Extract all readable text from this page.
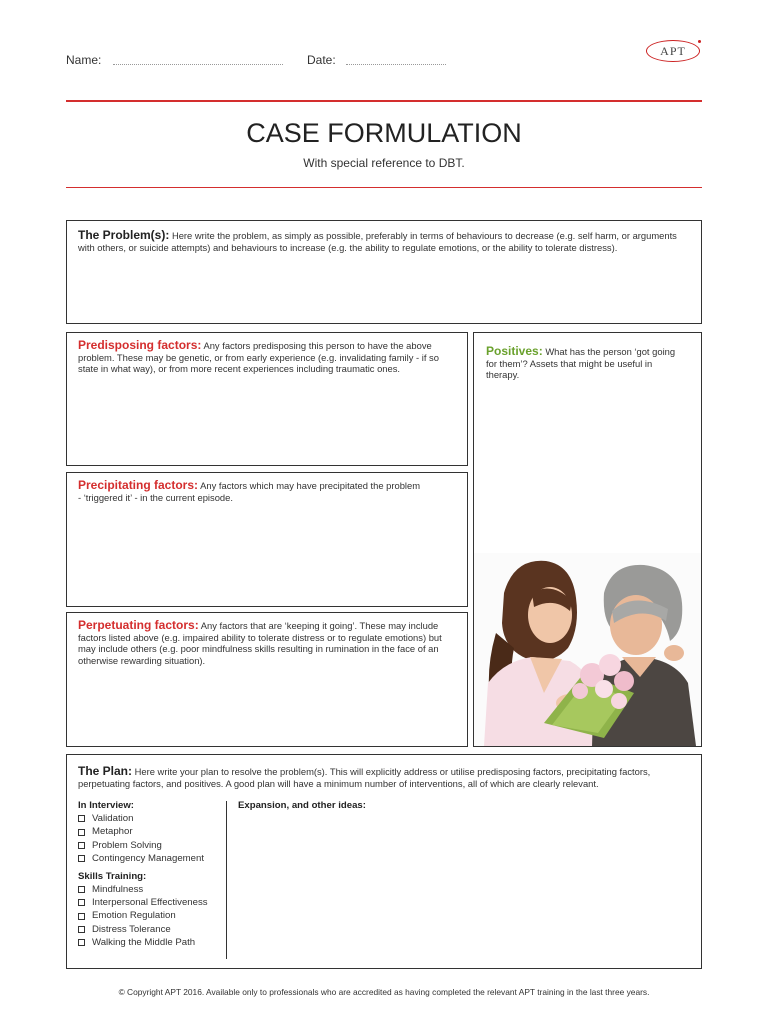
Name:	Date:
APT
CASE FORMULATION
With special reference to DBT.
The Problem(s): Here write the problem, as simply as possible, preferably in terms of behaviours to decrease (e.g. self harm, or arguments with others, or suicide attempts) and behaviours to increase (e.g. the ability to regulate emotions, or the ability to tolerate distress).
Predisposing factors: Any factors predisposing this person to have the above problem. These may be genetic, or from early experience (e.g. invalidating family - if so state in what way), or from more recent experiences including traumatic ones.
Precipitating factors: Any factors which may have precipitated the problem - ‘triggered it’ - in the current episode.
Perpetuating factors: Any factors that are ‘keeping it going’. These may include factors listed above (e.g. impaired ability to tolerate distress or to regulate emotions) but may include others (e.g. poor mindfulness skills resulting in rumination in the face of an otherwise rewarding situation).
Positives: What has the person ‘got going for them’? Assets that might be useful in therapy.
The Plan: Here write your plan to resolve the problem(s). This will explicitly address or utilise predisposing factors, precipitating factors, perpetuating factors, and positives. A good plan will have a minimum number of interventions, all of which are clearly relevant.
In Interview:
Validation
Metaphor
Problem Solving
Contingency Management
Skills Training:
Mindfulness
Interpersonal Effectiveness
Emotion Regulation
Distress Tolerance
Walking the Middle Path
Expansion, and other ideas:
© Copyright APT 2016. Available only to professionals who are accredited as having completed the relevant APT training in the last three years.
